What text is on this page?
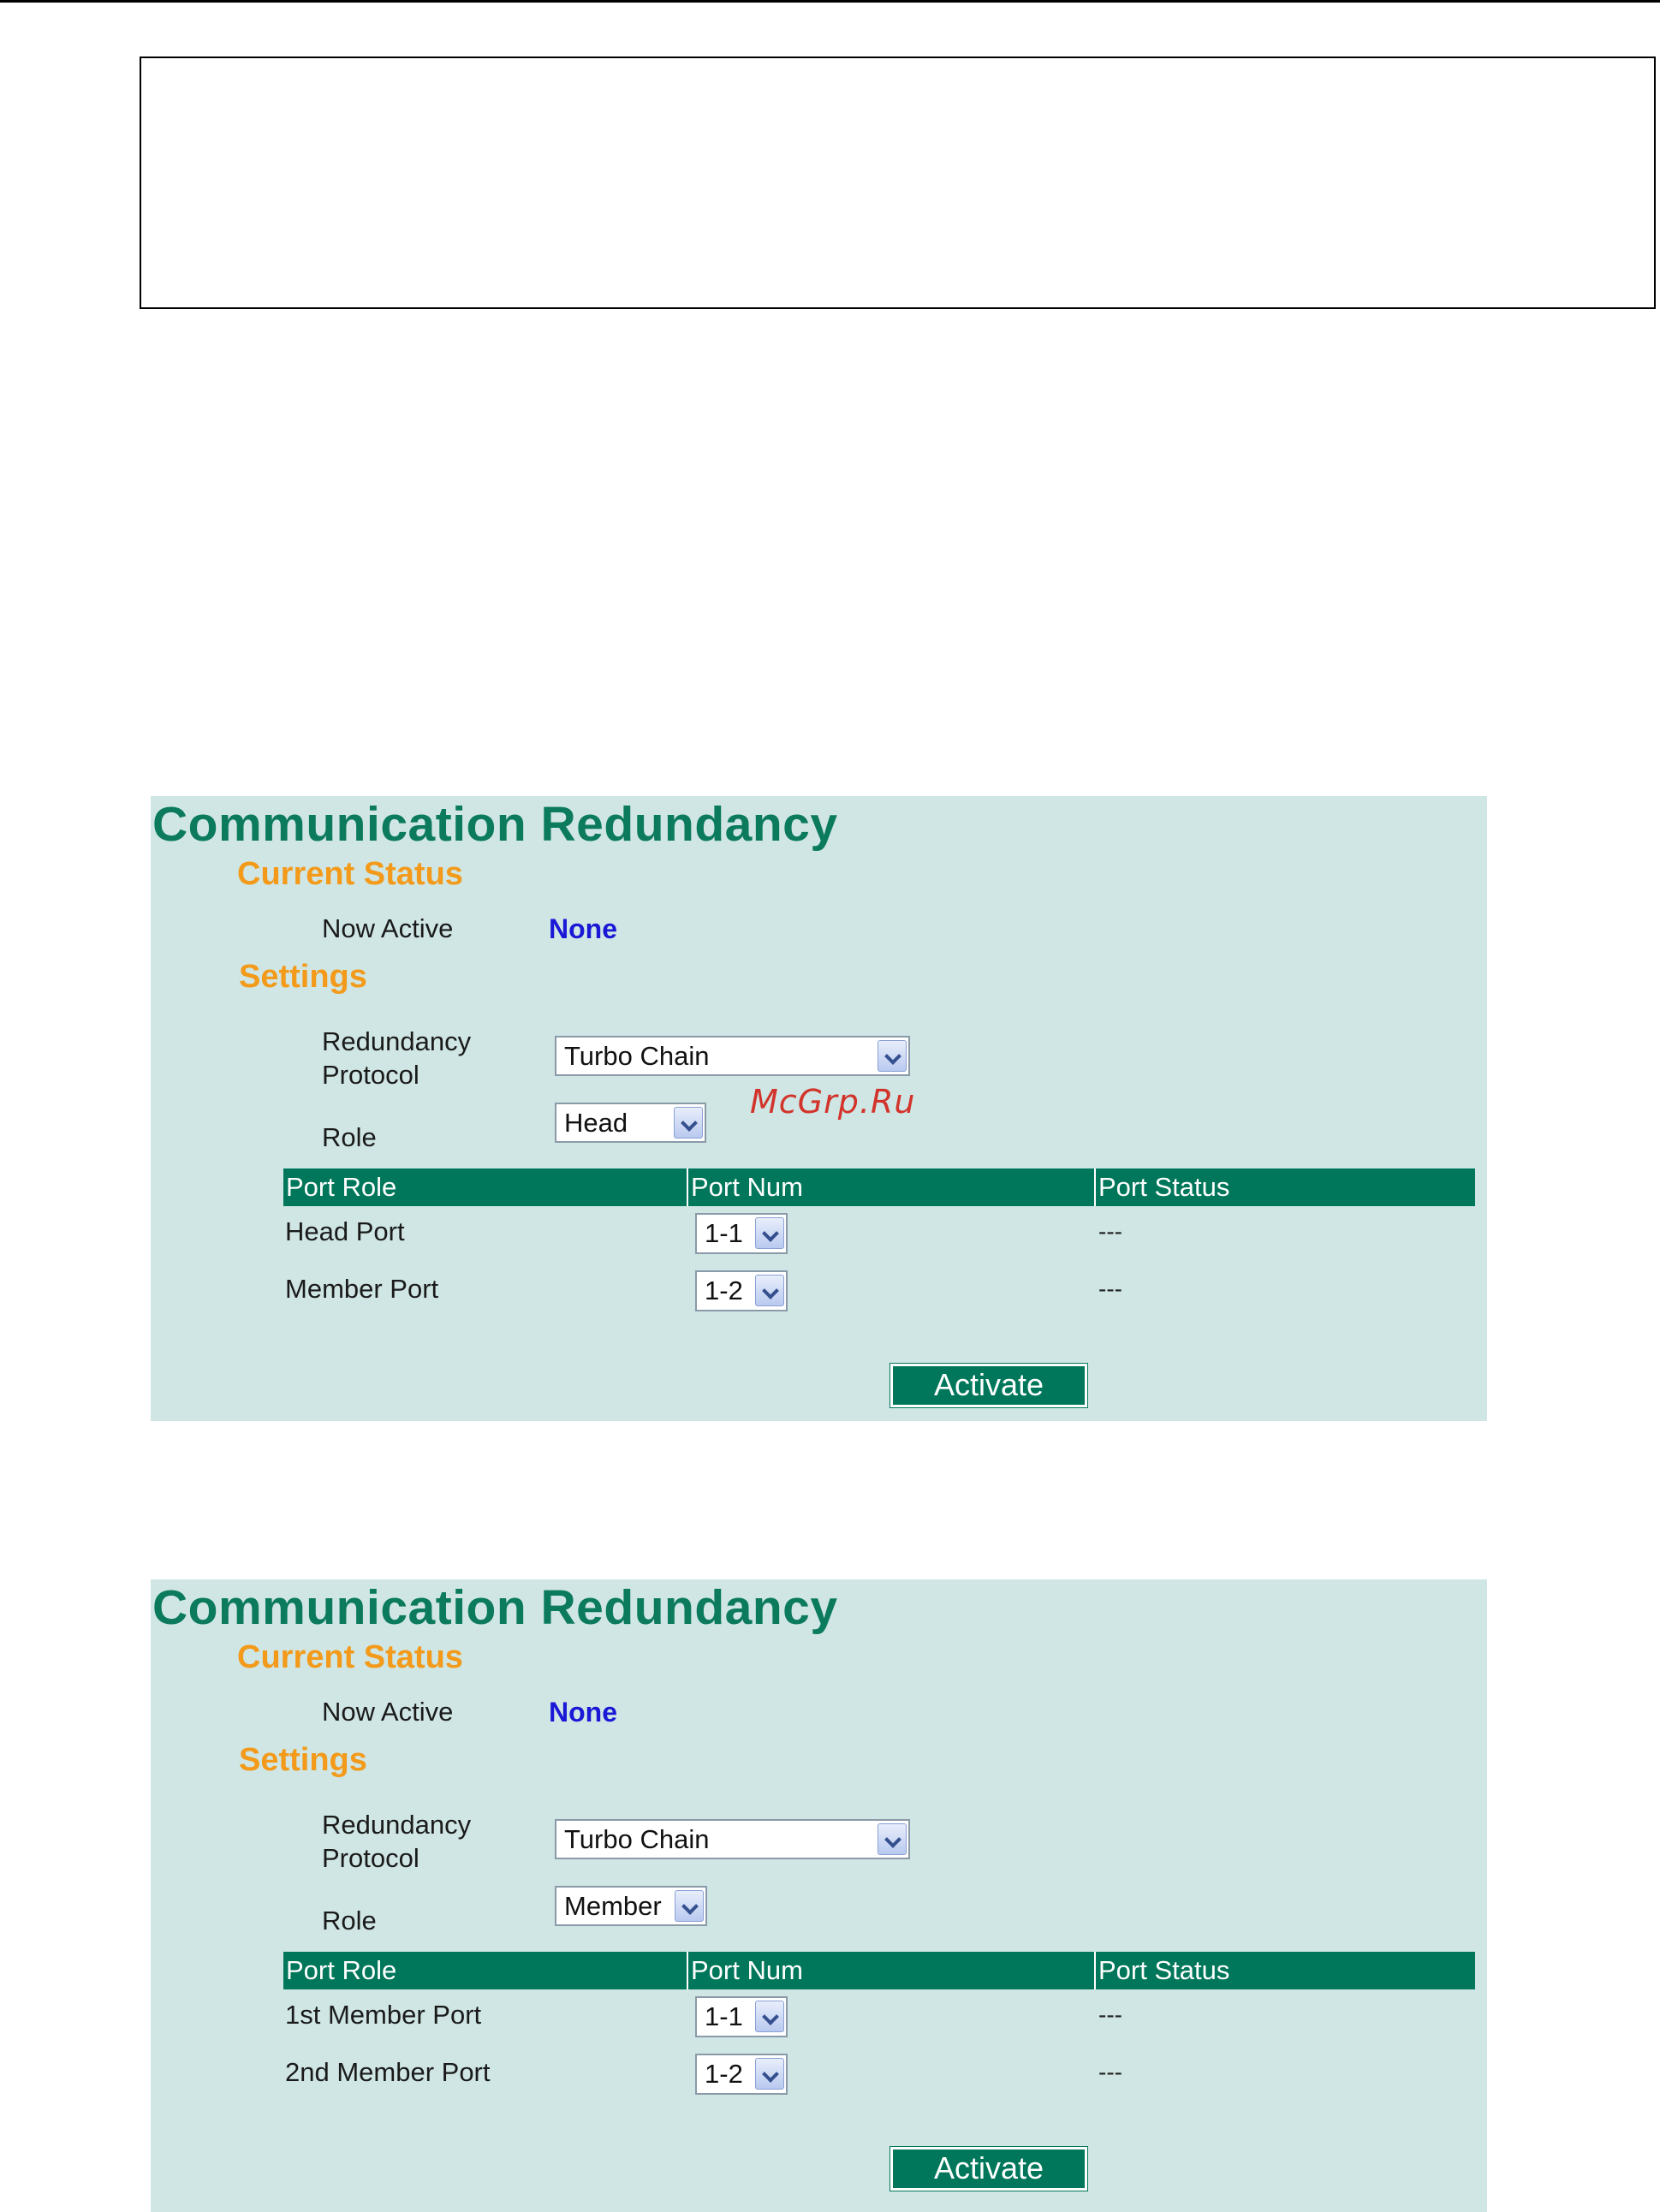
Communication Redundancy
Current Status
Now Active	None
Settings
Redundancy Protocol
Turbo Chain
Role	Head
Port Role	Port Num	Port Status
Head Port	1-1	---
Member Port	1-2	---
Activate
McGrp.Ru
Communication Redundancy
Current Status
Now Active	None
Settings
Redundancy Protocol
Turbo Chain
Role	Member
Port Role	Port Num	Port Status
1st Member Port	1-1	---
2nd Member Port	1-2	---
Activate
